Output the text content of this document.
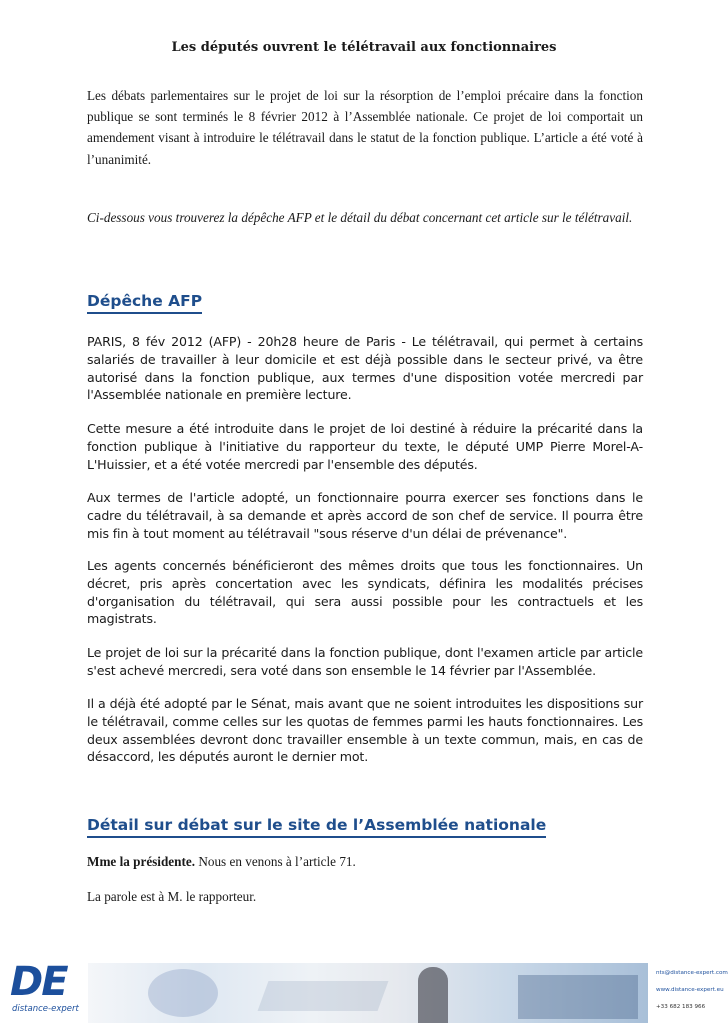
Les députés ouvrent le télétravail aux fonctionnaires

Les débats parlementaires sur le projet de loi sur la résorption de l’emploi précaire dans la fonction publique se sont terminés le 8 février 2012 à l’Assemblée nationale. Ce projet de loi comportait un amendement visant à introduire le télétravail dans le statut de la fonction publique. L’article a été voté à l’unanimité.

Ci-dessous vous trouverez la dépêche AFP et le détail du débat concernant cet article sur le télétravail.

Dépêche AFP

PARIS, 8 fév 2012 (AFP) - 20h28 heure de Paris - Le télétravail, qui permet à certains salariés de travailler à leur domicile et est déjà possible dans le secteur privé, va être autorisé dans la fonction publique, aux termes d'une disposition votée mercredi par l'Assemblée nationale en première lecture.

Cette mesure a été introduite dans le projet de loi destiné à réduire la précarité dans la fonction publique à l'initiative du rapporteur du texte, le député UMP Pierre Morel-A-L'Huissier, et a été votée mercredi par l'ensemble des députés.

Aux termes de l'article adopté, un fonctionnaire pourra exercer ses fonctions dans le cadre du télétravail, à sa demande et après accord de son chef de service. Il pourra être mis fin à tout moment au télétravail "sous réserve d'un délai de prévenance".

Les agents concernés bénéficieront des mêmes droits que tous les fonctionnaires. Un décret, pris après concertation avec les syndicats, définira les modalités précises d'organisation du télétravail, qui sera aussi possible pour les contractuels et les magistrats.

Le projet de loi sur la précarité dans la fonction publique, dont l'examen article par article s'est achevé mercredi, sera voté dans son ensemble le 14 février par l'Assemblée.

Il a déjà été adopté par le Sénat, mais avant que ne soient introduites les dispositions sur le télétravail, comme celles sur les quotas de femmes parmi les hauts fonctionnaires. Les deux assemblées devront donc travailler ensemble à un texte commun, mais, en cas de désaccord, les députés auront le dernier mot.

Détail sur débat sur le site de l’Assemblée nationale

Mme la présidente. Nous en venons à l’article 71.

La parole est à M. le rapporteur.

DE
distance-expert
nts@distance-expert.com
www.distance-expert.eu
+33 682 183 966
